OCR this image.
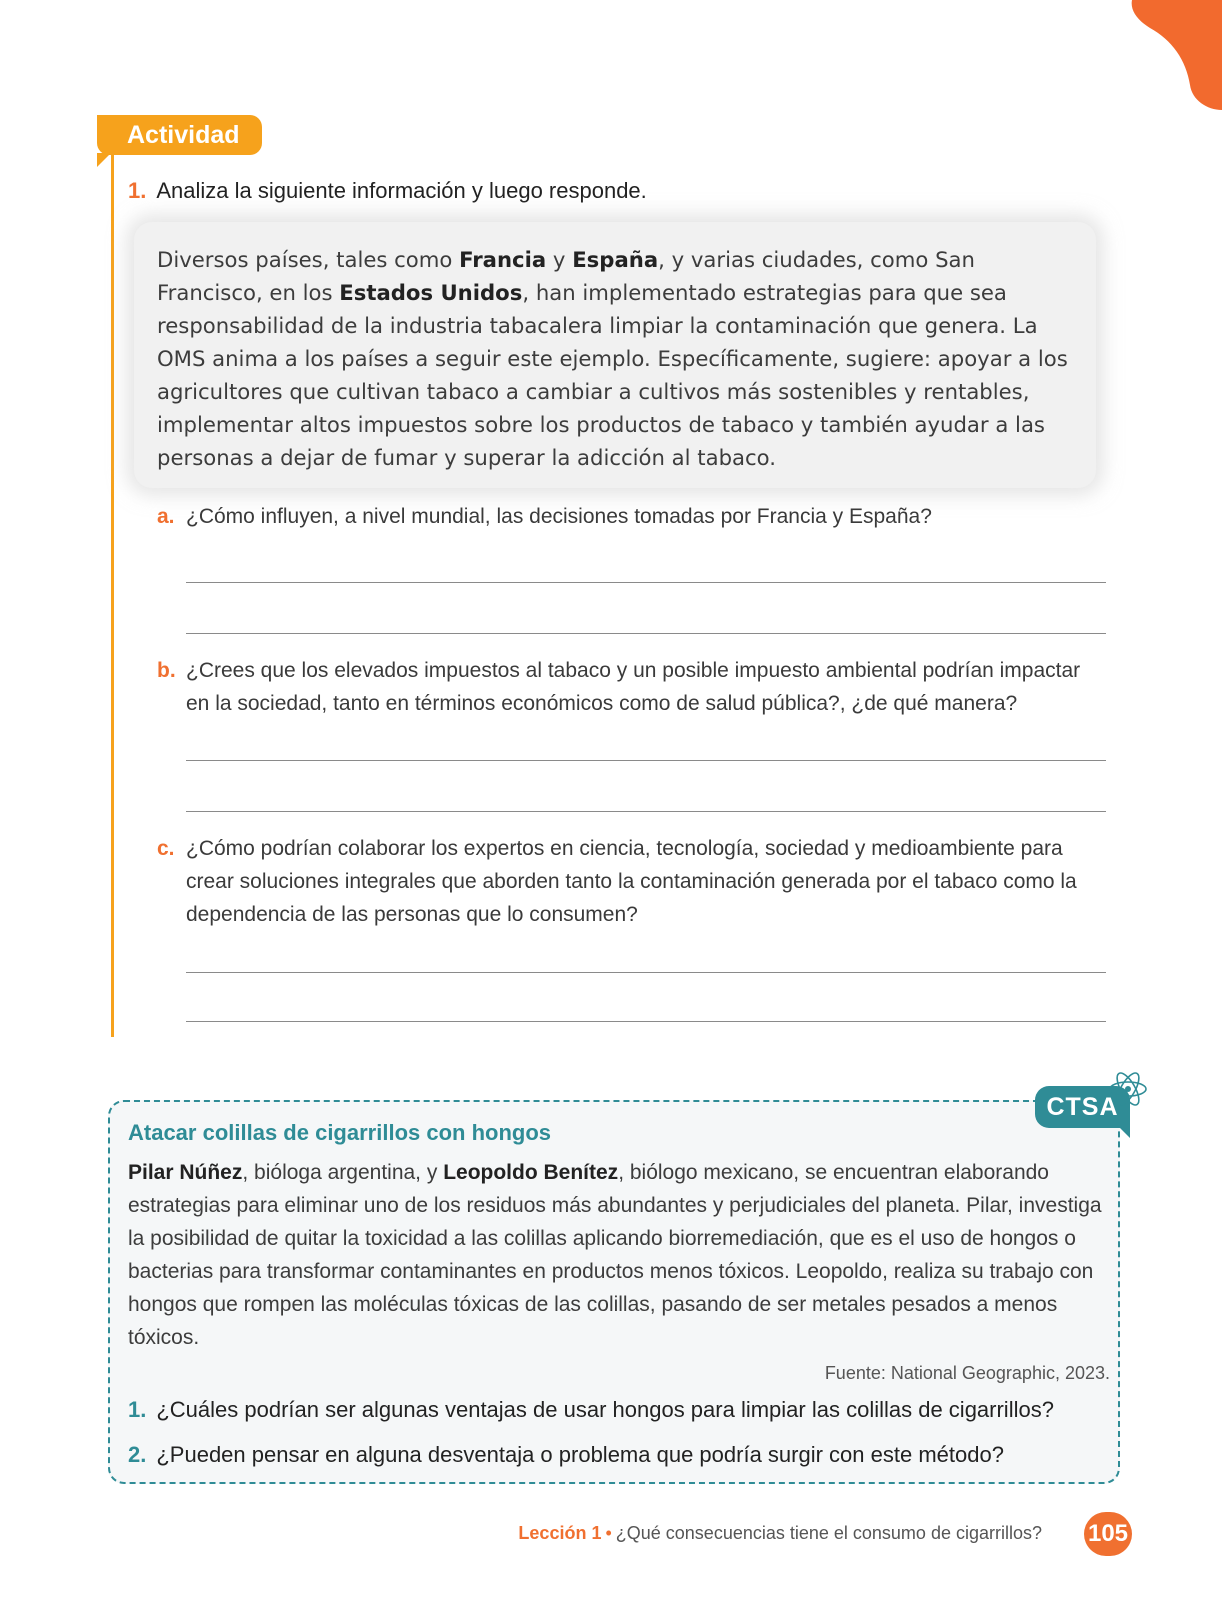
Actividad
1. Analiza la siguiente información y luego responde.
Diversos países, tales como Francia y España, y varias ciudades, como San Francisco, en los Estados Unidos, han implementado estrategias para que sea responsabilidad de la industria tabacalera limpiar la contaminación que genera. La OMS anima a los países a seguir este ejemplo. Específicamente, sugiere: apoyar a los agricultores que cultivan tabaco a cambiar a cultivos más sostenibles y rentables, implementar altos impuestos sobre los productos de tabaco y también ayudar a las personas a dejar de fumar y superar la adicción al tabaco.
a. ¿Cómo influyen, a nivel mundial, las decisiones tomadas por Francia y España?
b. ¿Crees que los elevados impuestos al tabaco y un posible impuesto ambiental podrían impactar en la sociedad, tanto en términos económicos como de salud pública?, ¿de qué manera?
c. ¿Cómo podrían colaborar los expertos en ciencia, tecnología, sociedad y medioambiente para crear soluciones integrales que aborden tanto la contaminación generada por el tabaco como la dependencia de las personas que lo consumen?
CTSA
Atacar colillas de cigarrillos con hongos
Pilar Núñez, bióloga argentina, y Leopoldo Benítez, biólogo mexicano, se encuentran elaborando estrategias para eliminar uno de los residuos más abundantes y perjudiciales del planeta. Pilar, investiga la posibilidad de quitar la toxicidad a las colillas aplicando biorremediación, que es el uso de hongos o bacterias para transformar contaminantes en productos menos tóxicos. Leopoldo, realiza su trabajo con hongos que rompen las moléculas tóxicas de las colillas, pasando de ser metales pesados a menos tóxicos.
Fuente: National Geographic, 2023.
1. ¿Cuáles podrían ser algunas ventajas de usar hongos para limpiar las colillas de cigarrillos?
2. ¿Pueden pensar en alguna desventaja o problema que podría surgir con este método?
Lección 1 • ¿Qué consecuencias tiene el consumo de cigarrillos? 105
